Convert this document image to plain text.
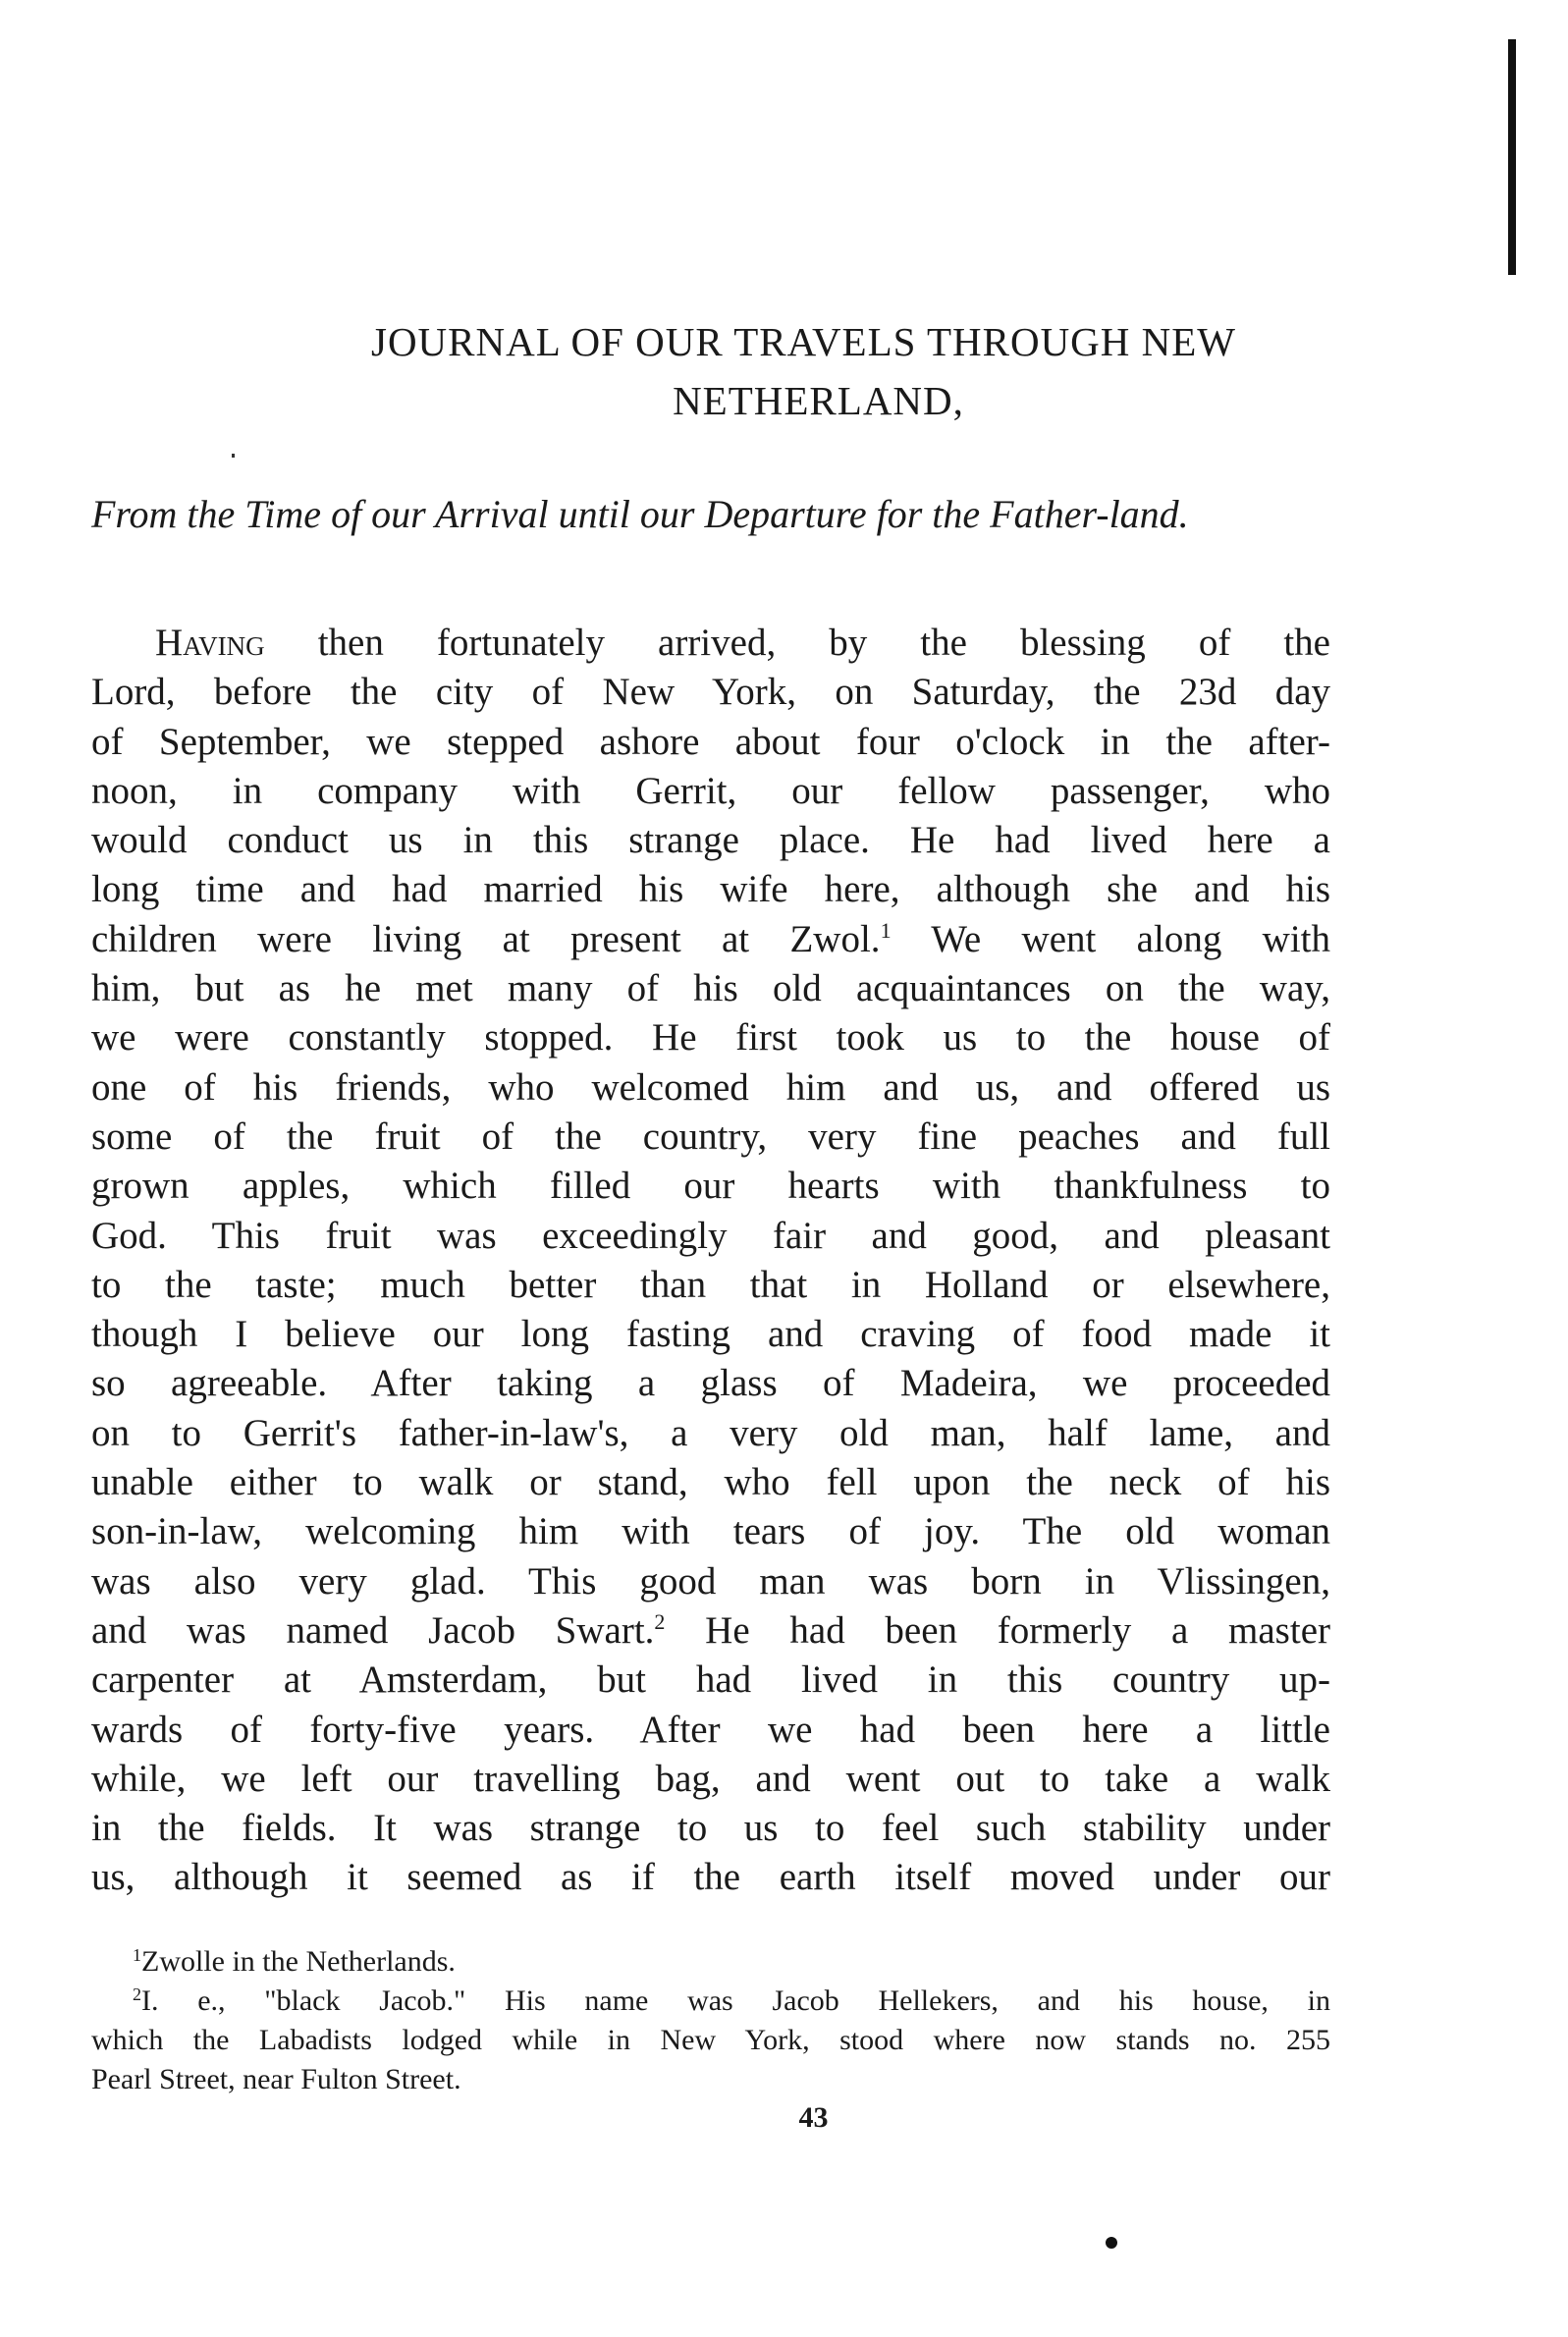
JOURNAL OF OUR TRAVELS THROUGH NEW
NETHERLAND,
From the Time of our Arrival until our Departure for the Father-land.
Having then fortunately arrived, by the blessing of the
Lord, before the city of New York, on Saturday, the 23d day
of September, we stepped ashore about four o'clock in the after-
noon, in company with Gerrit, our fellow passenger, who
would conduct us in this strange place. He had lived here a
long time and had married his wife here, although she and his
children were living at present at Zwol.$^1$ We went along with
him, but as he met many of his old acquaintances on the way,
we were constantly stopped. He first took us to the house of
one of his friends, who welcomed him and us, and offered us
some of the fruit of the country, very fine peaches and full
grown apples, which filled our hearts with thankfulness to
God. This fruit was exceedingly fair and good, and pleasant
to the taste; much better than that in Holland or elsewhere,
though I believe our long fasting and craving of food made it
so agreeable. After taking a glass of Madeira, we proceeded
on to Gerrit's father-in-law's, a very old man, half lame, and
unable either to walk or stand, who fell upon the neck of his
son-in-law, welcoming him with tears of joy. The old woman
was also very glad. This good man was born in Vlissingen,
and was named Jacob Swart.$^2$ He had been formerly a master
carpenter at Amsterdam, but had lived in this country up-
wards of forty-five years. After we had been here a little
while, we left our travelling bag, and went out to take a walk
in the fields. It was strange to us to feel such stability under
us, although it seemed as if the earth itself moved under our
$^1$Zwolle in the Netherlands.
$^2$I. e., "black Jacob." His name was Jacob Hellekers, and his house, in
which the Labadists lodged while in New York, stood where now stands no. 255
Pearl Street, near Fulton Street.
43
